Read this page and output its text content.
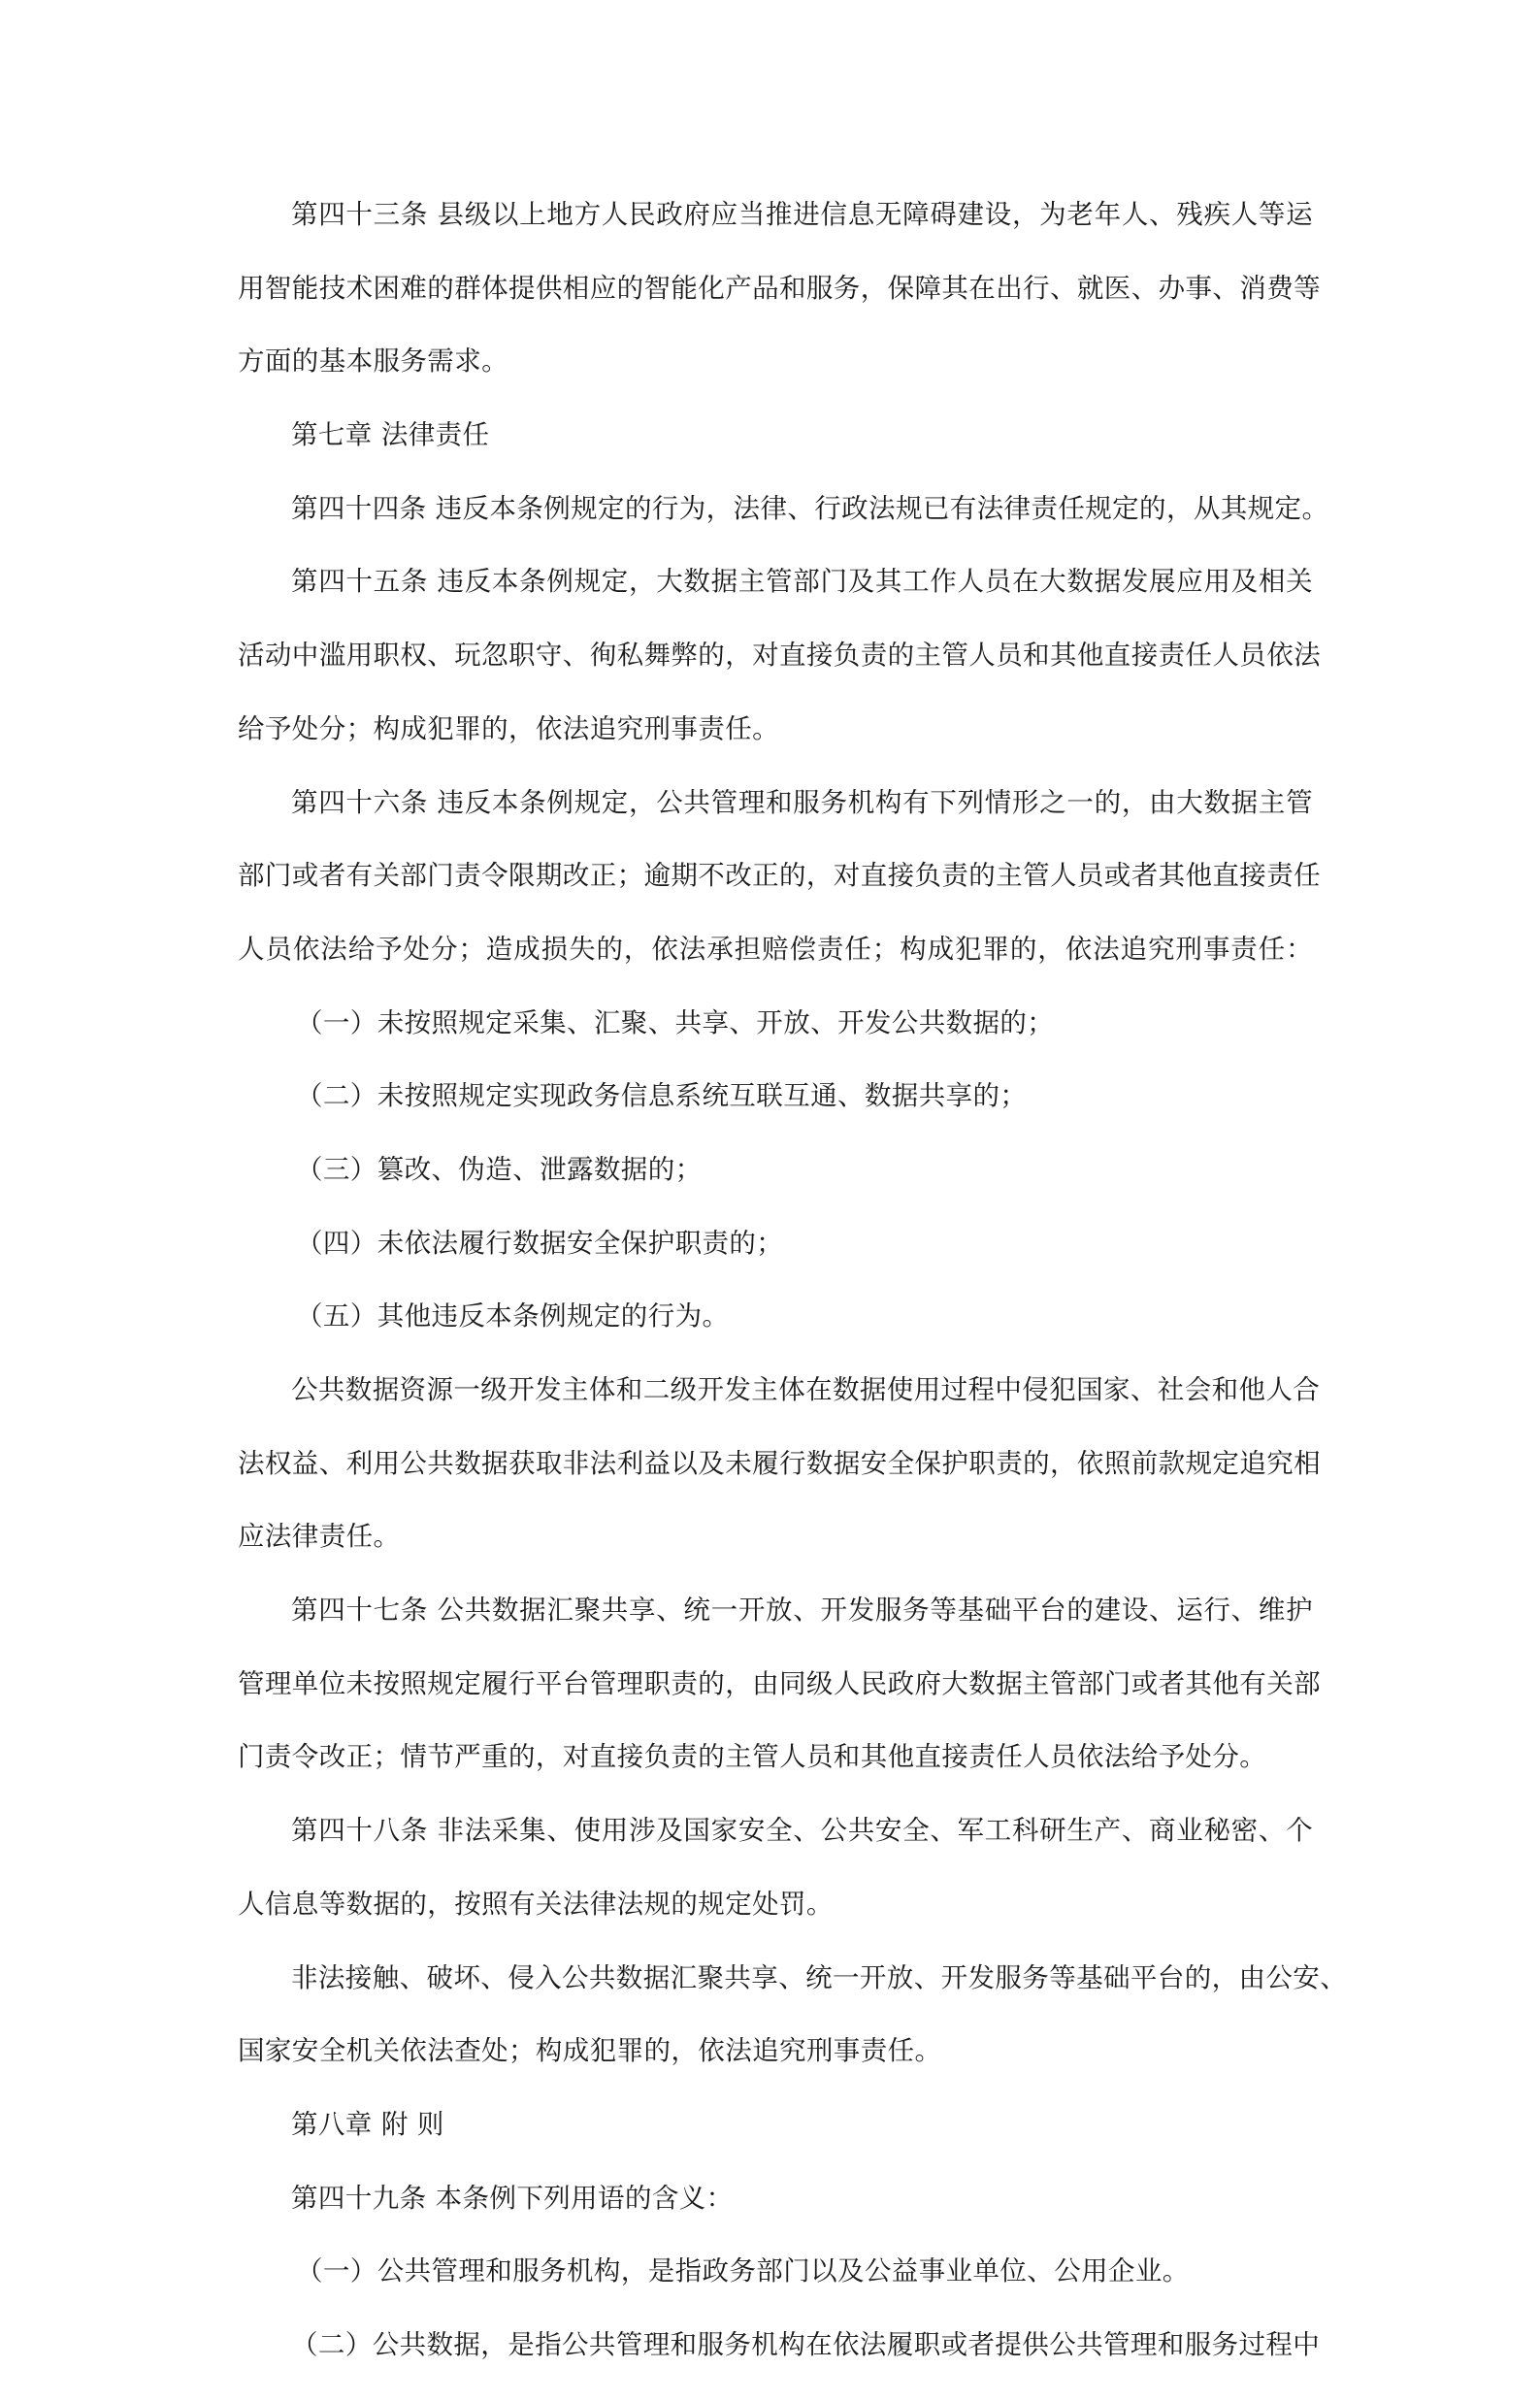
第四十三条 县级以上地方人民政府应当推进信息无障碍建设，为老年人、残疾人等运
用智能技术困难的群体提供相应的智能化产品和服务，保障其在出行、就医、办事、消费等
方面的基本服务需求。
第七章 法律责任
第四十四条 违反本条例规定的行为，法律、行政法规已有法律责任规定的，从其规定。
第四十五条 违反本条例规定，大数据主管部门及其工作人员在大数据发展应用及相关
活动中滥用职权、玩忽职守、徇私舞弊的，对直接负责的主管人员和其他直接责任人员依法
给予处分；构成犯罪的，依法追究刑事责任。
第四十六条 违反本条例规定，公共管理和服务机构有下列情形之一的，由大数据主管
部门或者有关部门责令限期改正；逾期不改正的，对直接负责的主管人员或者其他直接责任
人员依法给予处分；造成损失的，依法承担赔偿责任；构成犯罪的，依法追究刑事责任：
（一）未按照规定采集、汇聚、共享、开放、开发公共数据的；
（二）未按照规定实现政务信息系统互联互通、数据共享的；
（三）篡改、伪造、泄露数据的；
（四）未依法履行数据安全保护职责的；
（五）其他违反本条例规定的行为。
公共数据资源一级开发主体和二级开发主体在数据使用过程中侵犯国家、社会和他人合
法权益、利用公共数据获取非法利益以及未履行数据安全保护职责的，依照前款规定追究相
应法律责任。
第四十七条 公共数据汇聚共享、统一开放、开发服务等基础平台的建设、运行、维护
管理单位未按照规定履行平台管理职责的，由同级人民政府大数据主管部门或者其他有关部
门责令改正；情节严重的，对直接负责的主管人员和其他直接责任人员依法给予处分。
第四十八条 非法采集、使用涉及国家安全、公共安全、军工科研生产、商业秘密、个
人信息等数据的，按照有关法律法规的规定处罚。
非法接触、破坏、侵入公共数据汇聚共享、统一开放、开发服务等基础平台的，由公安、
国家安全机关依法查处；构成犯罪的，依法追究刑事责任。
第八章 附 则
第四十九条 本条例下列用语的含义：
（一）公共管理和服务机构，是指政务部门以及公益事业单位、公用企业。
（二）公共数据，是指公共管理和服务机构在依法履职或者提供公共管理和服务过程中
